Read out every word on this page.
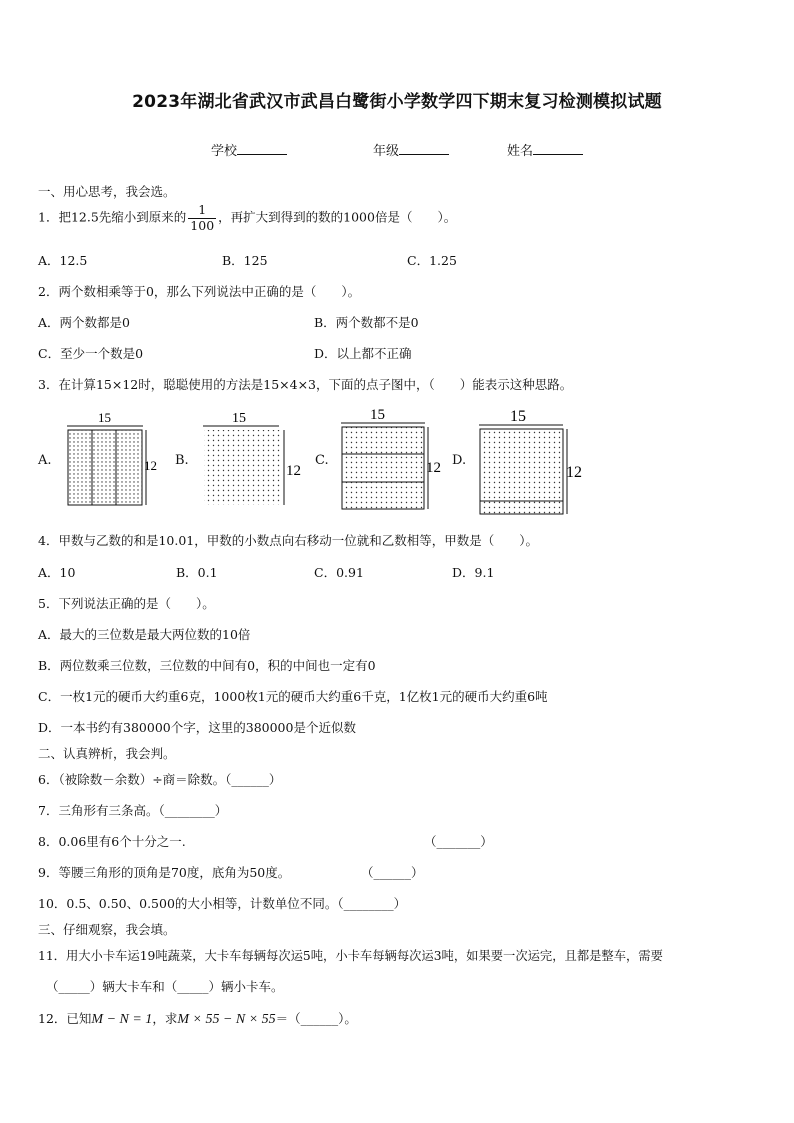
2023年湖北省武汉市武昌白鹭街小学数学四下期末复习检测模拟试题
学校	年级	姓名
一、用心思考，我会选。
1．把12.5先缩小到原来的 $\frac{1}{100}$ ，再扩大到得到的数的1000倍是（　　）。
A．12.5	B．125	C．1.25
2．两个数相乘等于0，那么下列说法中正确的是（　　）。
A．两个数都是0	B．两个数都不是0
C．至少一个数是0	D．以上都不正确
3．在计算15×12时，聪聪使用的方法是15×4×3，下面的点子图中，（　　）能表示这种思路。
A.	B.	C.	D.
15
12
15
12
15
12
15
12
4．甲数与乙数的和是10.01，甲数的小数点向右移动一位就和乙数相等，甲数是（　　）。
A．10	B．0.1	C．0.91	D．9.1
5．下列说法正确的是（　　）。
A．最大的三位数是最大两位数的10倍
B．两位数乘三位数，三位数的中间有0，积的中间也一定有0
C．一枚1元的硬币大约重6克，1000枚1元的硬币大约重6千克，1亿枚1元的硬币大约重6吨
D．一本书约有380000个字，这里的380000是个近似数
二、认真辨析，我会判。
6．（被除数－余数）÷商＝除数。（______）
7．三角形有三条高。（________）
8．0.06里有6个十分之一.	（_______）
9．等腰三角形的顶角是70度，底角为50度。	（______）
10．0.5、0.50、0.500的大小相等，计数单位不同。（________）
三、仔细观察，我会填。
11．用大小卡车运19吨蔬菜，大卡车每辆每次运5吨，小卡车每辆每次运3吨，如果要一次运完，且都是整车，需要
（_____）辆大卡车和（_____）辆小卡车。
12．已知M − N = 1，求M × 55 − N × 55＝（______）。
